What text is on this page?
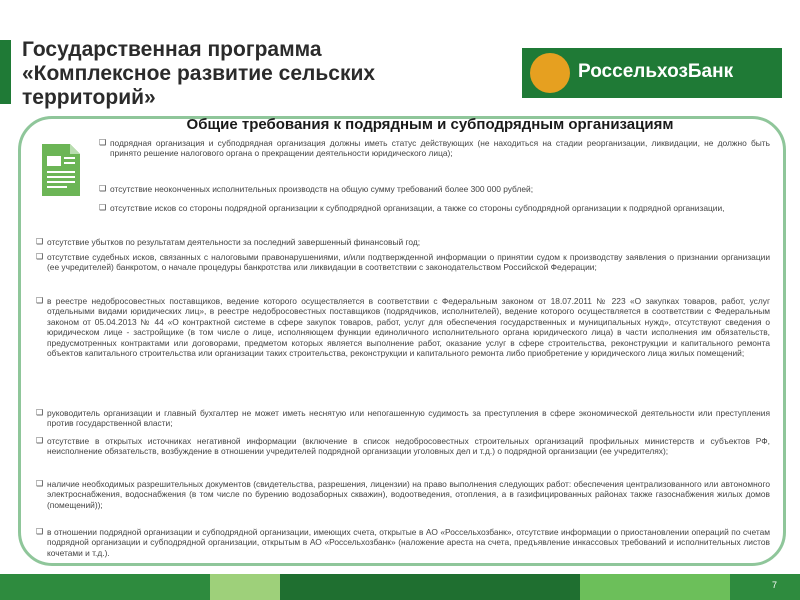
Государственная программа
«Комплексное развитие сельских
территорий»
РоссельхозБанк
Общие требования к подрядным и субподрядным организациям
❑ подрядная организация и субподрядная организация должны иметь статус действующих (не находиться на стадии реорганизации, ликвидации, не должно быть принято решение налогового органа о прекращении деятельности юридического лица);
❑ отсутствие неоконченных исполнительных производств на общую сумму требований более 300 000 рублей;
❑ отсутствие исков со стороны подрядной организации к субподрядной организации, а также со стороны субподрядной организации к подрядной организации,
❑ отсутствие убытков по результатам деятельности за последний завершенный финансовый год;
❑ отсутствие судебных исков, связанных с налоговыми правонарушениями, и/или подтвержденной информации о принятии судом к производству заявления о признании организации (ее учредителей) банкротом, о начале процедуры банкротства или ликвидации в соответствии с законодательством Российской Федерации;
❑ в реестре недобросовестных поставщиков, ведение которого осуществляется в соответствии с Федеральным законом от 18.07.2011 № 223 «О закупках товаров, работ, услуг отдельными видами юридических лиц», в реестре недобросовестных поставщиков (подрядчиков, исполнителей), ведение которого осуществляется в соответствии с Федеральным законом от 05.04.2013 № 44 «О контрактной системе в сфере закупок товаров, работ, услуг для обеспечения государственных и муниципальных нужд», отсутствуют сведения о юридическом лице - застройщике (в том числе о лице, исполняющем функции единоличного исполнительного органа юридического лица) в части исполнения им обязательств, предусмотренных контрактами или договорами, предметом которых является выполнение работ, оказание услуг в сфере строительства, реконструкции и капитального ремонта объектов капитального строительства или организации таких строительства, реконструкции и капитального ремонта либо приобретение у юридического лица жилых помещений;
❑ руководитель организации и главный бухгалтер не может иметь неснятую или непогашенную судимость за преступления в сфере экономической деятельности или преступления против государственной власти;
❑ отсутствие в открытых источниках негативной информации (включение в список недобросовестных строительных организаций профильных министерств и субъектов РФ, неисполнение обязательств, возбуждение в отношении учредителей подрядной организации уголовных дел и т.д.) о подрядной организации (ее учредителях);
❑ наличие необходимых разрешительных документов (свидетельства, разрешения, лицензии) на право выполнения следующих работ: обеспечения централизованного или автономного электроснабжения, водоснабжения (в том числе по бурению водозаборных скважин), водоотведения, отопления, а в газифицированных районах также газоснабжения жилых домов (помещений));
❑ в отношении подрядной организации и субподрядной организации, имеющих счета, открытые в АО «Россельхозбанк», отсутствие информации о приостановлении операций по счетам подрядной организации и субподрядной организации, открытым в АО «Россельхозбанк» (наложение ареста на счета, предъявление инкассовых требований и исполнительных листов кочетами и т.д.).
7
